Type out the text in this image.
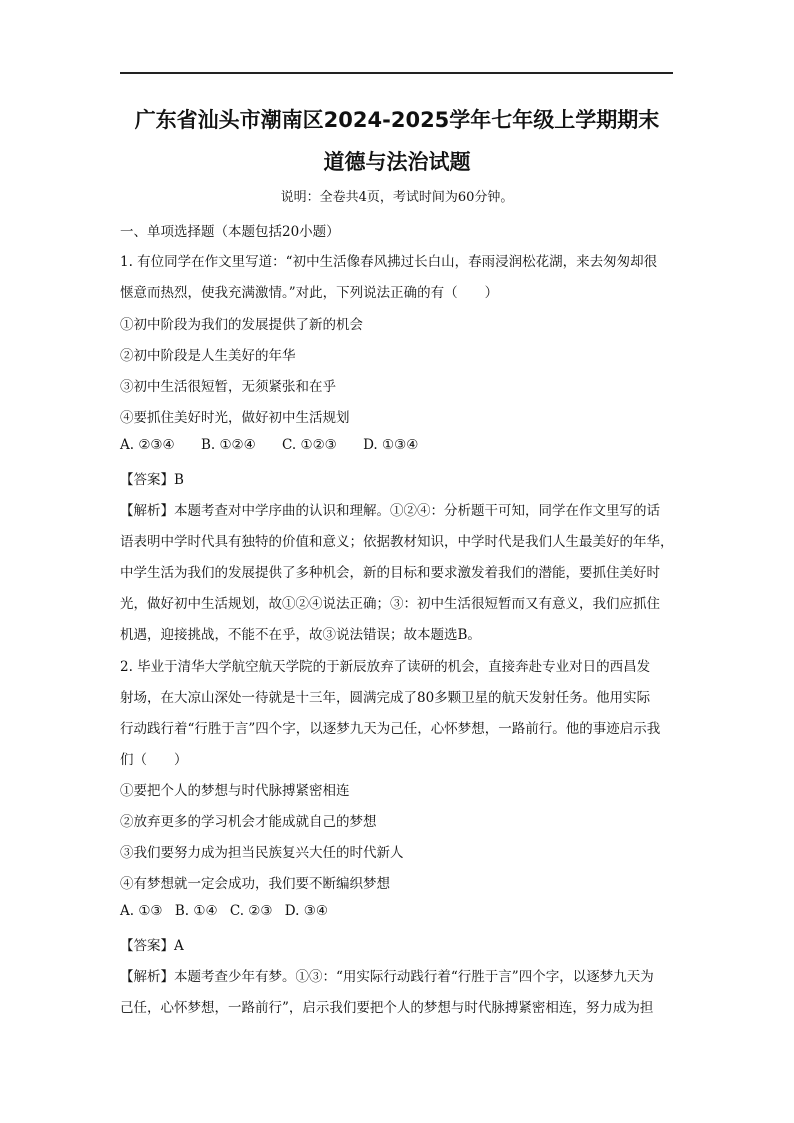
广东省汕头市潮南区2024-2025学年七年级上学期期末
道德与法治试题
说明：全卷共4页，考试时间为60分钟。
一、单项选择题（本题包括20小题）
1. 有位同学在作文里写道：“初中生活像春风拂过长白山，春雨浸润松花湖，来去匆匆却很
惬意而热烈，使我充满激情。”对此，下列说法正确的有（　　）
①初中阶段为我们的发展提供了新的机会
②初中阶段是人生美好的年华
③初中生活很短暂，无须紧张和在乎
④要抓住美好时光，做好初中生活规划
A. ②③④ B. ①②④ C. ①②③ D. ①③④
【答案】B
【解析】本题考查对中学序曲的认识和理解。①②④：分析题干可知，同学在作文里写的话
语表明中学时代具有独特的价值和意义；依据教材知识，中学时代是我们人生最美好的年华，
中学生活为我们的发展提供了多种机会，新的目标和要求激发着我们的潜能，要抓住美好时
光，做好初中生活规划，故①②④说法正确；③：初中生活很短暂而又有意义，我们应抓住
机遇，迎接挑战，不能不在乎，故③说法错误；故本题选B。
2. 毕业于清华大学航空航天学院的于新辰放弃了读研的机会，直接奔赴专业对日的西昌发
射场，在大凉山深处一待就是十三年，圆满完成了80多颗卫星的航天发射任务。他用实际
行动践行着“行胜于言”四个字，以逐梦九天为己任，心怀梦想，一路前行。他的事迹启示我
们（　　）
①要把个人的梦想与时代脉搏紧密相连
②放弃更多的学习机会才能成就自己的梦想
③我们要努力成为担当民族复兴大任的时代新人
④有梦想就一定会成功，我们要不断编织梦想
A. ①③ B. ①④ C. ②③ D. ③④
【答案】A
【解析】本题考查少年有梦。①③：“用实际行动践行着“行胜于言”四个字，以逐梦九天为
己任，心怀梦想，一路前行”，启示我们要把个人的梦想与时代脉搏紧密相连，努力成为担
